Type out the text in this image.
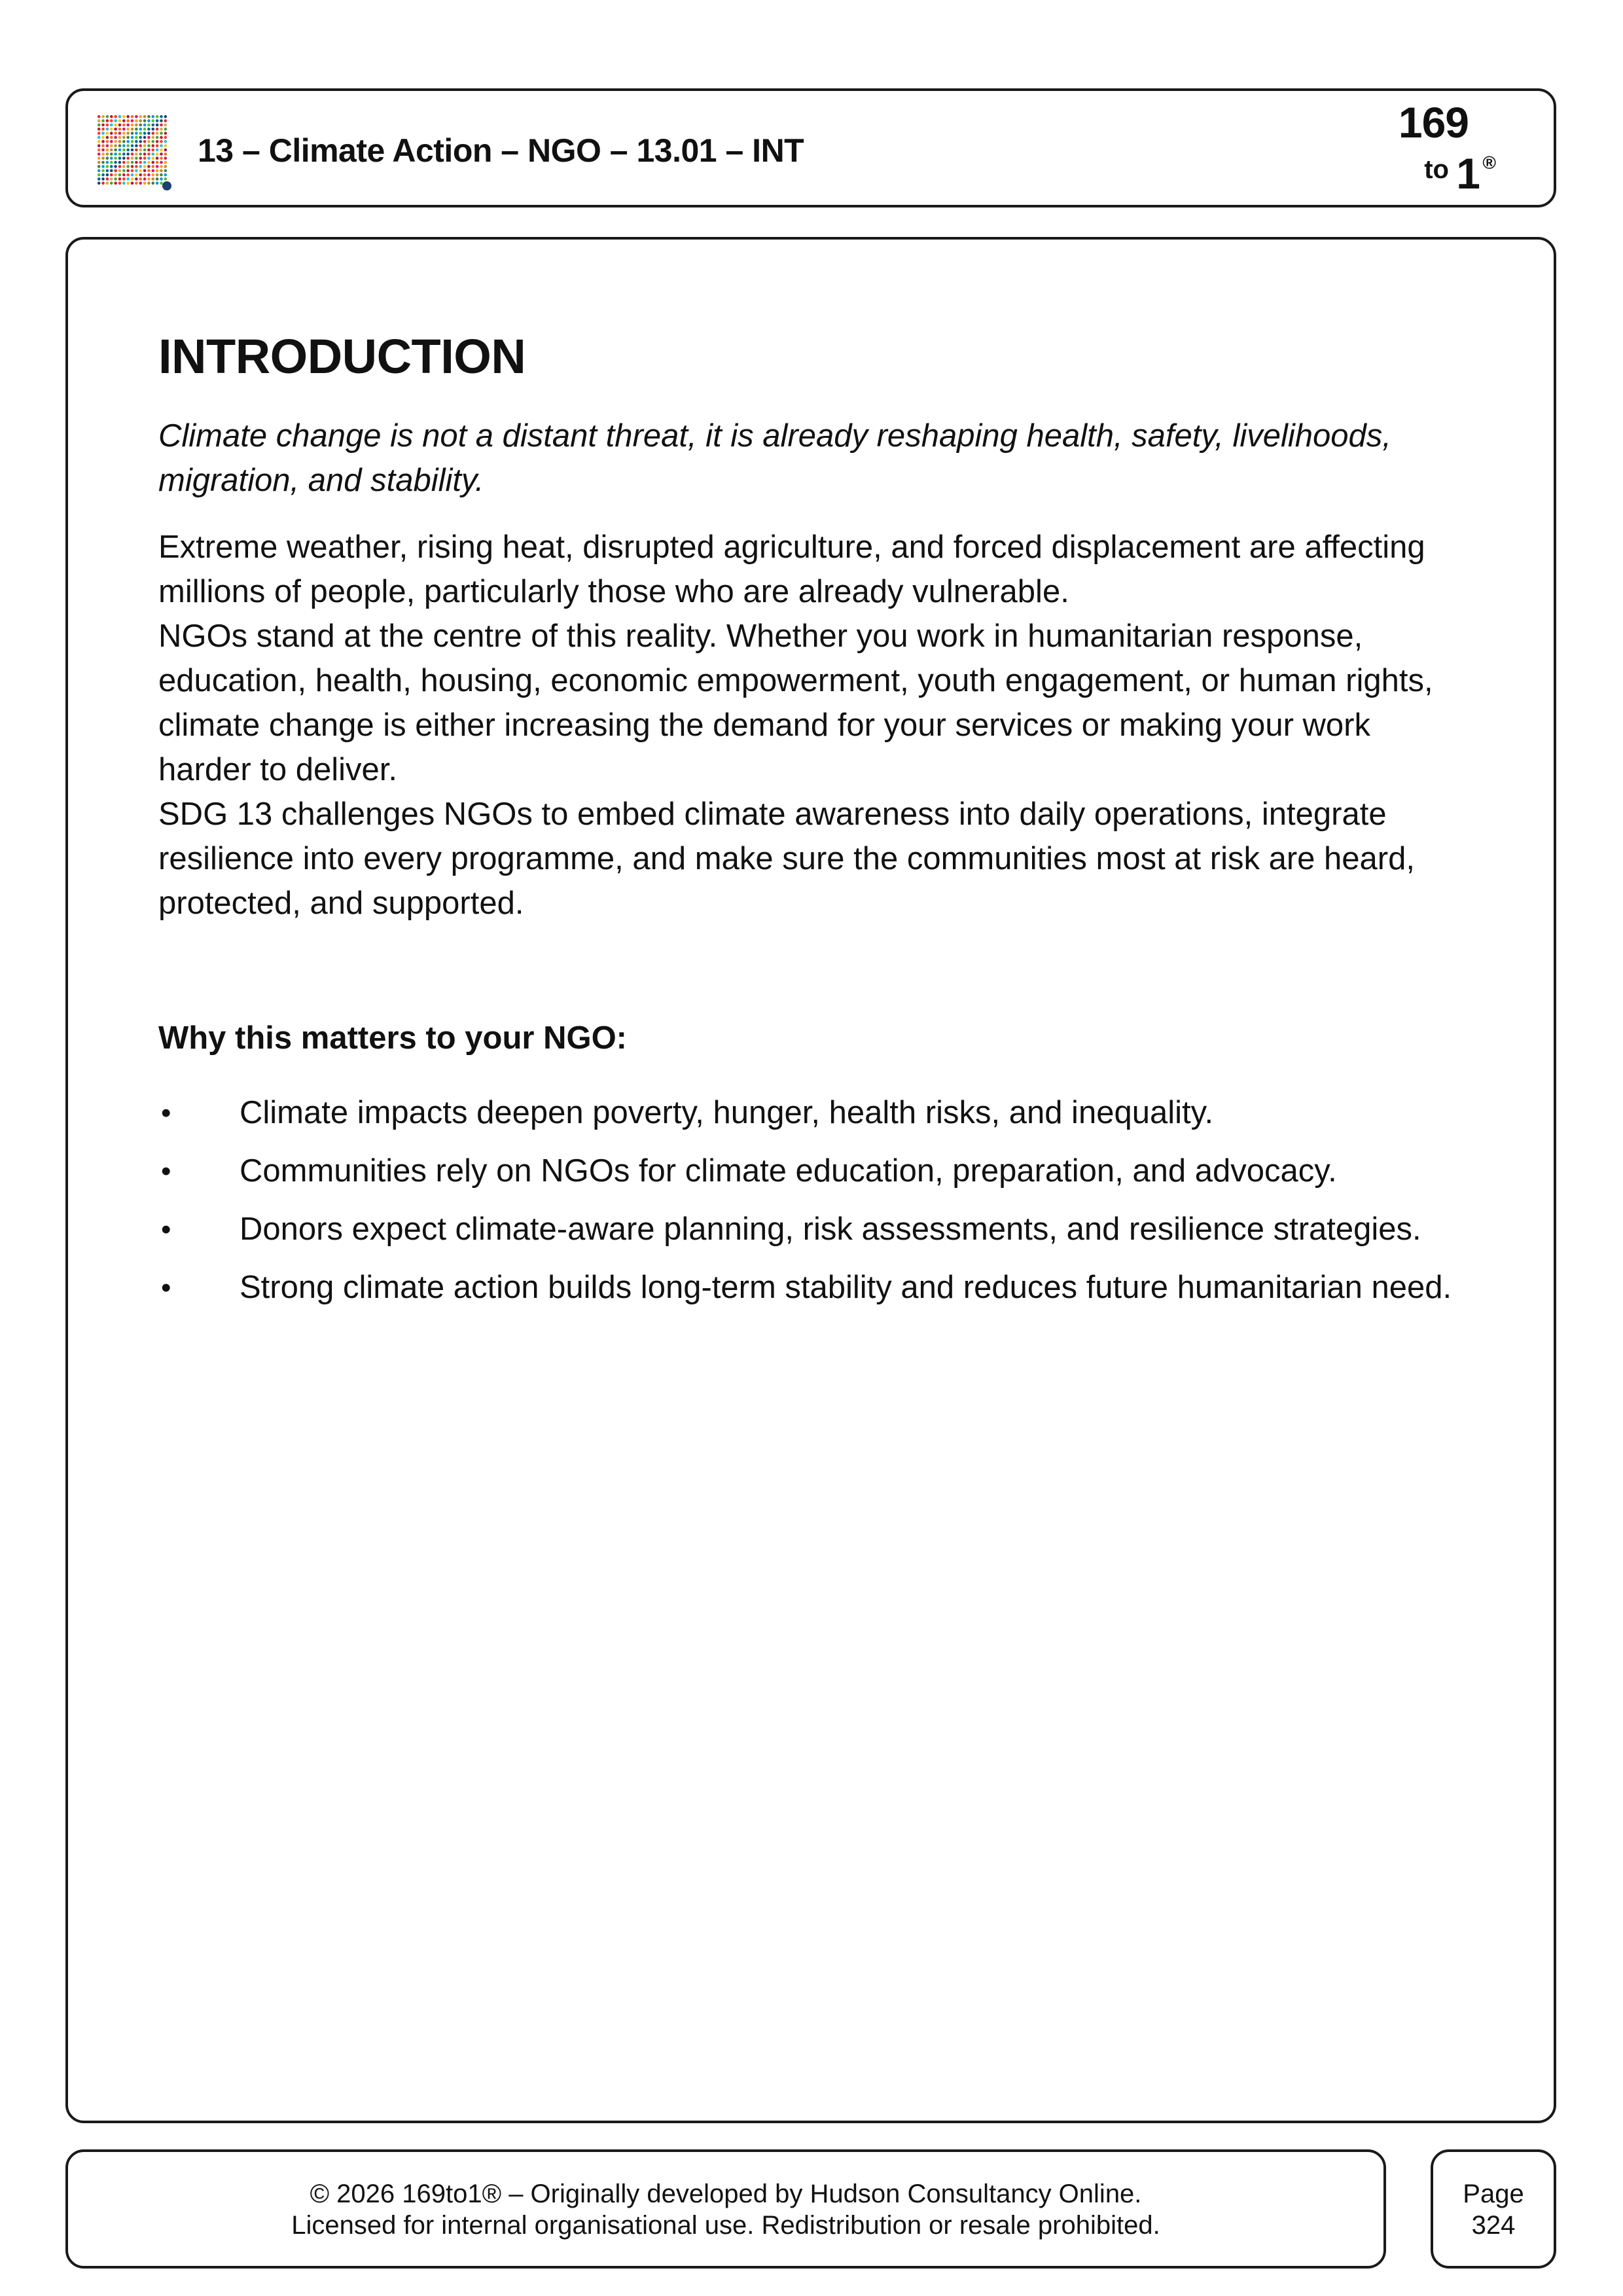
13 – Climate Action – NGO – 13.01 – INT
169
to 1 ®
INTRODUCTION
Climate change is not a distant threat, it is already reshaping health, safety, livelihoods, migration, and stability.

Extreme weather, rising heat, disrupted agriculture, and forced displacement are affecting millions of people, particularly those who are already vulnerable.

NGOs stand at the centre of this reality. Whether you work in humanitarian response, education, health, housing, economic empowerment, youth engagement, or human rights, climate change is either increasing the demand for your services or making your work harder to deliver.

SDG 13 challenges NGOs to embed climate awareness into daily operations, integrate resilience into every programme, and make sure the communities most at risk are heard, protected, and supported.

Why this matters to your NGO:
• Climate impacts deepen poverty, hunger, health risks, and inequality.
• Communities rely on NGOs for climate education, preparation, and advocacy.
• Donors expect climate-aware planning, risk assessments, and resilience strategies.
• Strong climate action builds long-term stability and reduces future humanitarian need.
© 2026 169to1® – Originally developed by Hudson Consultancy Online.
Licensed for internal organisational use. Redistribution or resale prohibited.
Page
324
